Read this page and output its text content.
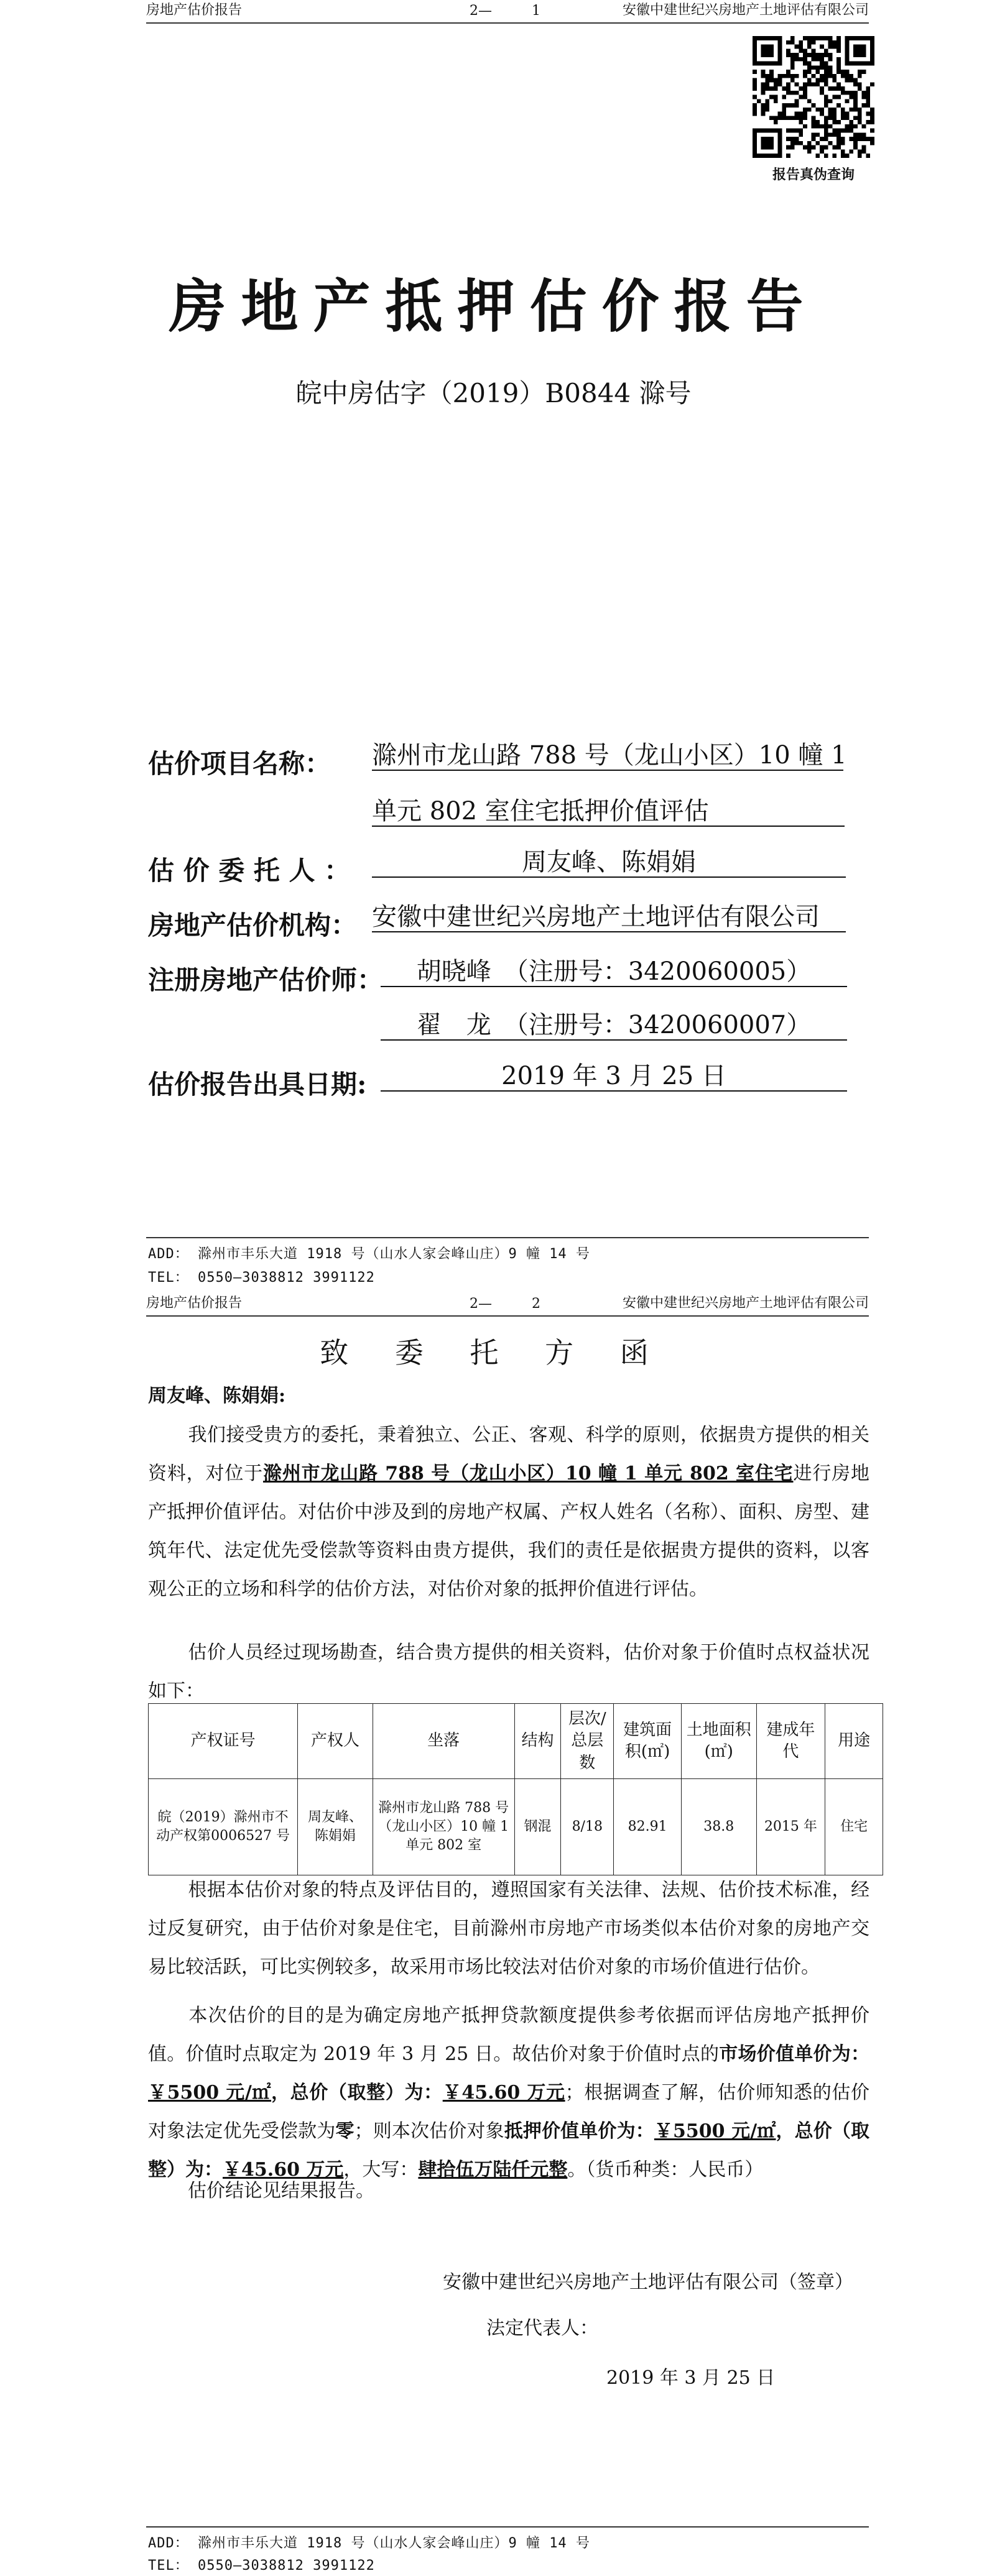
房地产估价报告	2—	1	安徽中建世纪兴房地产土地评估有限公司
报告真伪查询
房地产抵押估价报告
皖中房估字（2019）B0844 滁号
估价项目名称： 滁州市龙山路 788 号（龙山小区）10 幢 1
单元 802 室住宅抵押价值评估
估 价 委 托 人 ：	周友峰、陈娟娟
房地产估价机构： 安徽中建世纪兴房地产土地评估有限公司
注册房地产估价师：	胡晓峰　（注册号：3420060005）
翟　龙　（注册号：3420060007）
估价报告出具日期:	2019 年 3 月 25 日
ADD： 滁州市丰乐大道 1918 号（山水人家会峰山庄）9 幢 14 号
TEL： 0550—3038812 3991122
房地产估价报告	2—	2	安徽中建世纪兴房地产土地评估有限公司
致 委 托 方 函
周友峰、陈娟娟:
我们接受贵方的委托，秉着独立、公正、客观、科学的原则，依据贵方提供的相关资料，对位于滁州市龙山路 788 号（龙山小区）10 幢 1 单元 802 室住宅进行房地产抵押价值评估。对估价中涉及到的房地产权属、产权人姓名（名称）、面积、房型、建筑年代、法定优先受偿款等资料由贵方提供，我们的责任是依据贵方提供的资料，以客观公正的立场和科学的估价方法，对估价对象的抵押价值进行评估。
估价人员经过现场勘查，结合贵方提供的相关资料，估价对象于价值时点权益状况如下：
产权证号	产权人	坐落	结构	层次/总层数	建筑面积(㎡)	土地面积(㎡)	建成年代	用途
皖（2019）滁州市不动产权第0006527 号	周友峰、陈娟娟	滁州市龙山路 788 号（龙山小区）10 幢 1 单元 802 室	钢混	8/18	82.91	38.8	2015 年	住宅
根据本估价对象的特点及评估目的，遵照国家有关法律、法规、估价技术标准，经过反复研究，由于估价对象是住宅，目前滁州市房地产市场类似本估价对象的房地产交易比较活跃，可比实例较多，故采用市场比较法对估价对象的市场价值进行估价。
本次估价的目的是为确定房地产抵押贷款额度提供参考依据而评估房地产抵押价值。价值时点取定为 2019 年 3 月 25 日。故估价对象于价值时点的市场价值单价为：￥5500 元/㎡，总价（取整）为：￥45.60 万元；根据调查了解，估价师知悉的估价对象法定优先受偿款为零；则本次估价对象抵押价值单价为：￥5500 元/㎡，总价（取整）为：￥45.60 万元，大写：肆拾伍万陆仟元整。（货币种类：人民币）
估价结论见结果报告。
安徽中建世纪兴房地产土地评估有限公司（签章）
法定代表人：
2019 年 3 月 25 日
ADD： 滁州市丰乐大道 1918 号（山水人家会峰山庄）9 幢 14 号
TEL： 0550—3038812 3991122
